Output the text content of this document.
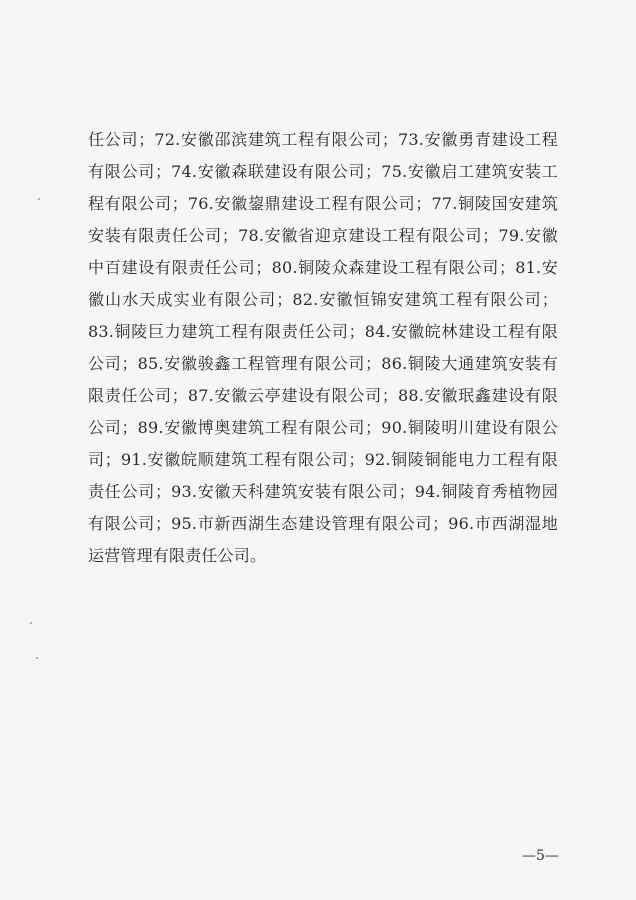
任公司；72.安徽邵滨建筑工程有限公司；73.安徽勇青建设工程
有限公司；74.安徽森联建设有限公司；75.安徽启工建筑安装工
程有限公司；76.安徽鋆鼎建设工程有限公司；77.铜陵国安建筑
安装有限责任公司；78.安徽省迎京建设工程有限公司；79.安徽
中百建设有限责任公司；80.铜陵众森建设工程有限公司；81.安
徽山水天成实业有限公司；82.安徽恒锦安建筑工程有限公司；
83.铜陵巨力建筑工程有限责任公司；84.安徽皖林建设工程有限
公司；85.安徽骏鑫工程管理有限公司；86.铜陵大通建筑安装有
限责任公司；87.安徽云亭建设有限公司；88.安徽珉鑫建设有限
公司；89.安徽博奥建筑工程有限公司；90.铜陵明川建设有限公
司；91.安徽皖顺建筑工程有限公司；92.铜陵铜能电力工程有限
责任公司；93.安徽天科建筑安装有限公司；94.铜陵育秀植物园
有限公司；95.市新西湖生态建设管理有限公司；96.市西湖湿地
运营管理有限责任公司。
—5—
